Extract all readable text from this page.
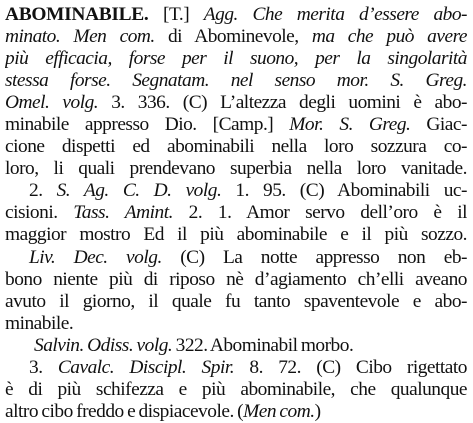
ABOMINABILE. [T.] Agg. Che merita d’essere abo-
minato. Men com. di Abominevole, ma che può avere
più efficacia, forse per il suono, per la singolarità
stessa forse. Segnatam. nel senso mor. S. Greg.
Omel. volg. 3. 336. (C) L’altezza degli uomini è abo-
minabile appresso Dio. [Camp.] Mor. S. Greg. Giac-
cione dispetti ed abominabili nella loro sozzura co-
loro, li quali prendevano superbia nella loro vanitade.
2. S. Ag. C. D. volg. 1. 95. (C) Abominabili uc-
cisioni. Tass. Amint. 2. 1. Amor servo dell’oro è il
maggior mostro Ed il più abominabile e il più sozzo.
Liv. Dec. volg. (C) La notte appresso non eb-
bono niente più di riposo nè d’agiamento ch’elli aveano
avuto il giorno, il quale fu tanto spaventevole e abo-
minabile.
Salvin. Odiss. volg. 322. Abominabil morbo.
3. Cavalc. Discipl. Spir. 8. 72. (C) Cibo rigettato
è di più schifezza e più abominabile, che qualunque
altro cibo freddo e dispiacevole. (Men com.)
